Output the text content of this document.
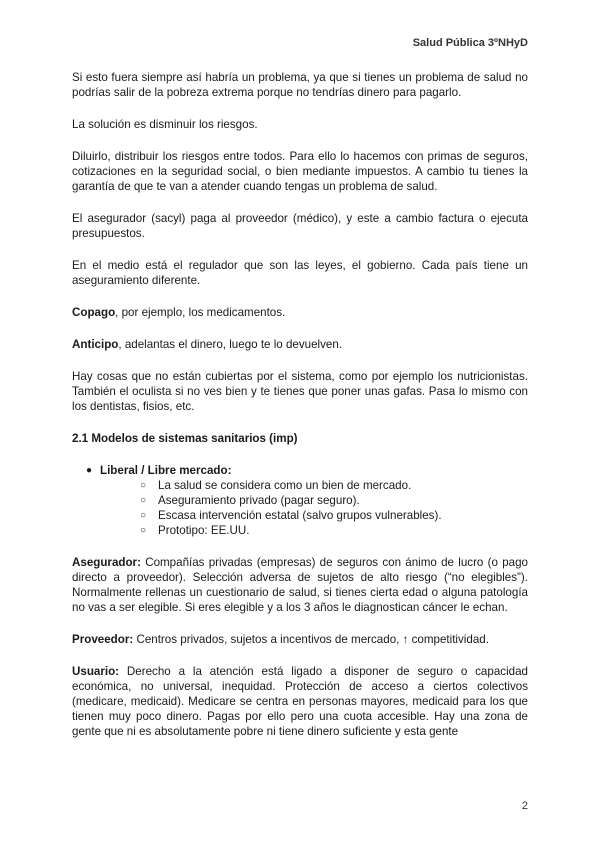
Salud Pública 3ºNHyD

Si esto fuera siempre así habría un problema, ya que si tienes un problema de salud no podrías salir de la pobreza extrema porque no tendrías dinero para pagarlo.

La solución es disminuir los riesgos.

Diluirlo, distribuir los riesgos entre todos. Para ello lo hacemos con primas de seguros, cotizaciones en la seguridad social, o bien mediante impuestos. A cambio tu tienes la garantía de que te van a atender cuando tengas un problema de salud.

El asegurador (sacyl) paga al proveedor (médico), y este a cambio factura o ejecuta presupuestos.

En el medio está el regulador que son las leyes, el gobierno. Cada país tiene un aseguramiento diferente.

Copago, por ejemplo, los medicamentos.

Anticipo, adelantas el dinero, luego te lo devuelven.

Hay cosas que no están cubiertas por el sistema, como por ejemplo los nutricionistas. También el oculista si no ves bien y te tienes que poner unas gafas. Pasa lo mismo con los dentistas, fisios, etc.

2.1 Modelos de sistemas sanitarios (imp)
● Liberal / Libre mercado:
○ La salud se considera como un bien de mercado.
○ Aseguramiento privado (pagar seguro).
○ Escasa intervención estatal (salvo grupos vulnerables).
○ Prototipo: EE.UU.

Asegurador: Compañías privadas (empresas) de seguros con ánimo de lucro (o pago directo a proveedor). Selección adversa de sujetos de alto riesgo (“no elegibles”). Normalmente rellenas un cuestionario de salud, si tienes cierta edad o alguna patología no vas a ser elegible. Si eres elegible y a los 3 años le diagnostican cáncer le echan.

Proveedor: Centros privados, sujetos a incentivos de mercado, ↑ competitividad.

Usuario: Derecho a la atención está ligado a disponer de seguro o capacidad económica, no universal, inequidad. Protección de acceso a ciertos colectivos (medicare, medicaid). Medicare se centra en personas mayores, medicaid para los que tienen muy poco dinero. Pagas por ello pero una cuota accesible. Hay una zona de gente que ni es absolutamente pobre ni tiene dinero suficiente y esta gente

2
